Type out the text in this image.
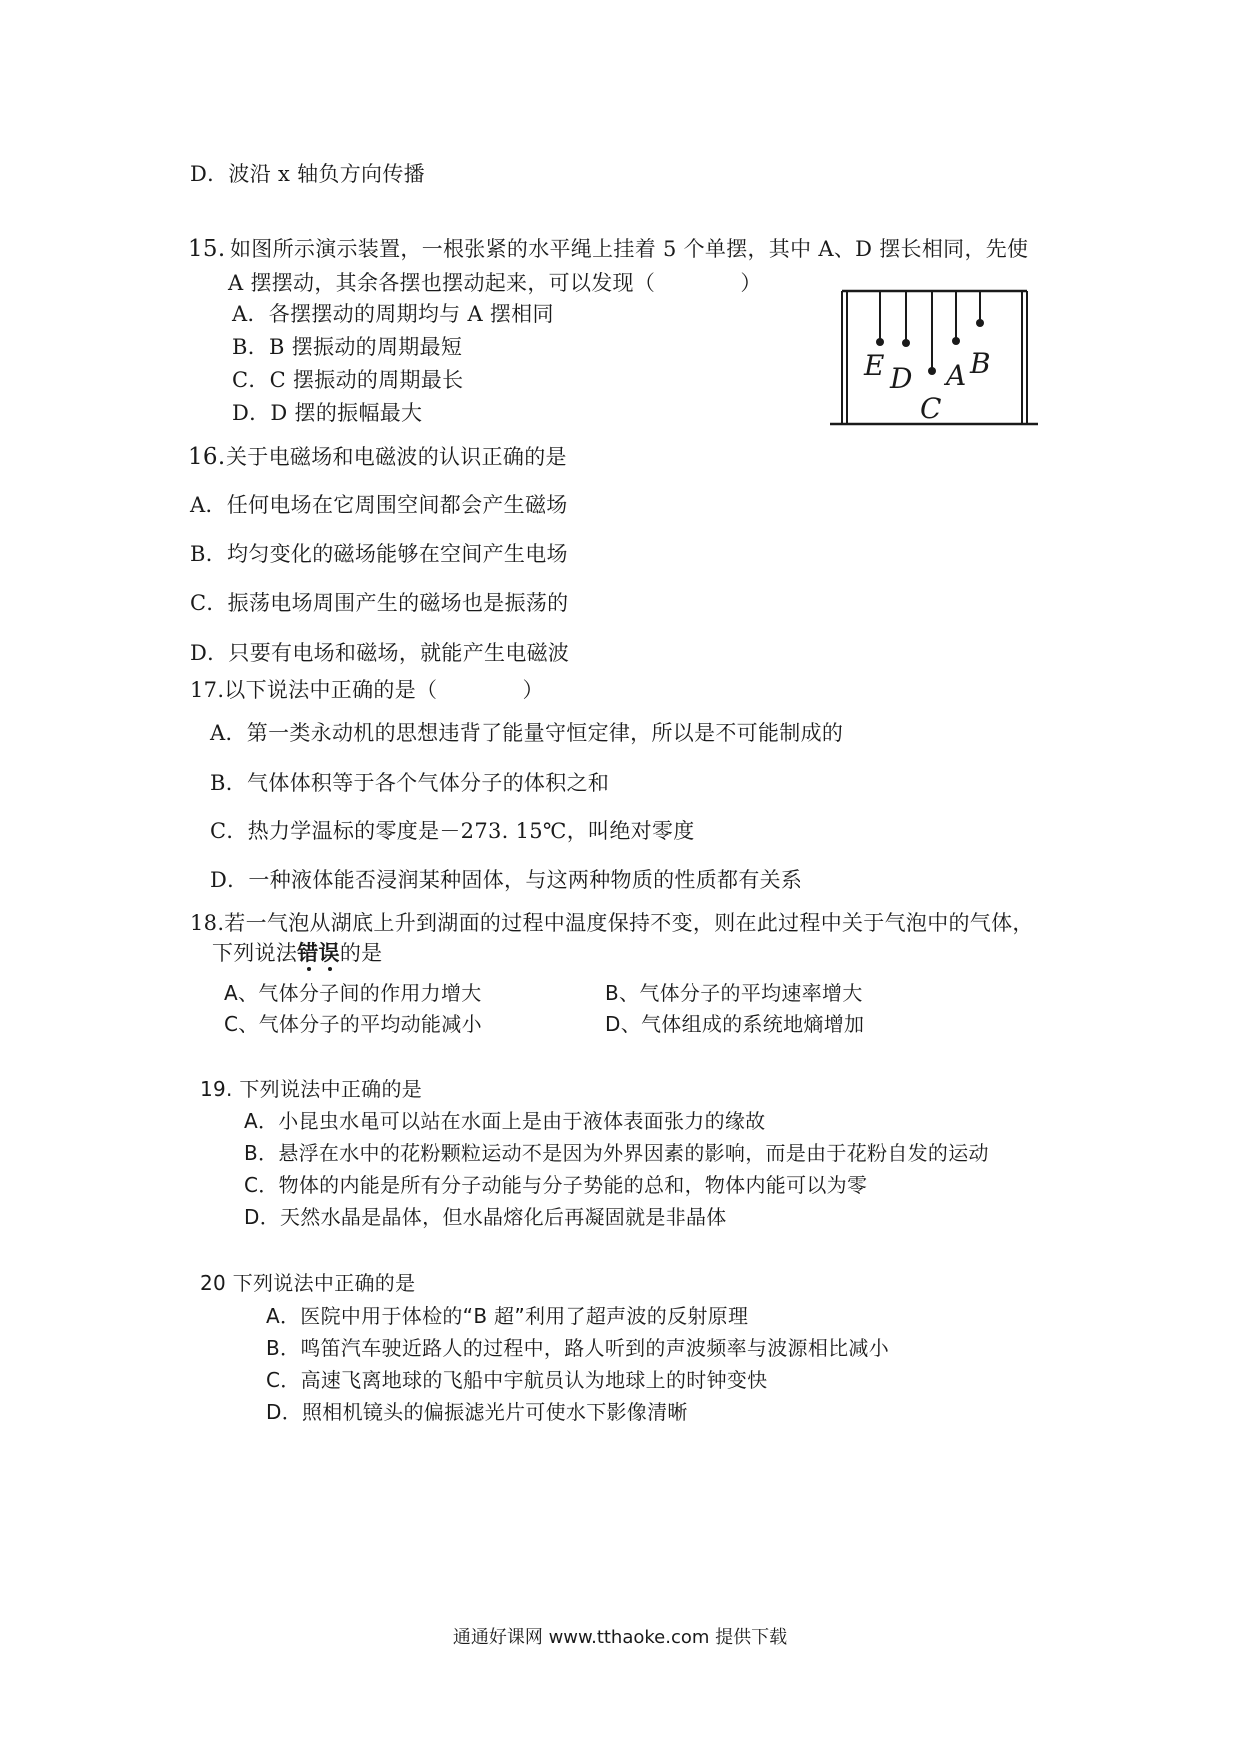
D．波沿 x 轴负方向传播
15. 如图所示演示装置，一根张紧的水平绳上挂着 5 个单摆，其中 A、D 摆长相同，先使
A 摆摆动，其余各摆也摆动起来，可以发现（　　　　）
A．各摆摆动的周期均与 A 摆相同
B．B 摆振动的周期最短
C．C 摆振动的周期最长
D．D 摆的振幅最大
E D
C
A B
16. 关于电磁场和电磁波的认识正确的是
A．任何电场在它周围空间都会产生磁场
B．均匀变化的磁场能够在空间产生电场
C．振荡电场周围产生的磁场也是振荡的
D．只要有电场和磁场，就能产生电磁波
17.以下说法中正确的是（　　　　）
A．第一类永动机的思想违背了能量守恒定律，所以是不可能制成的
B．气体体积等于各个气体分子的体积之和
C．热力学温标的零度是－273. 15℃，叫绝对零度
D．一种液体能否浸润某种固体，与这两种物质的性质都有关系
18.若一气泡从湖底上升到湖面的过程中温度保持不变，则在此过程中关于气泡中的气体，
下列说法错误的是
A、气体分子间的作用力增大	B、气体分子的平均速率增大
C、气体分子的平均动能减小	D、气体组成的系统地熵增加
19. 下列说法中正确的是
A．小昆虫水黾可以站在水面上是由于液体表面张力的缘故
B．悬浮在水中的花粉颗粒运动不是因为外界因素的影响，而是由于花粉自发的运动
C．物体的内能是所有分子动能与分子势能的总和，物体内能可以为零
D．天然水晶是晶体，但水晶熔化后再凝固就是非晶体
20 下列说法中正确的是
A．医院中用于体检的“B 超”利用了超声波的反射原理
B．鸣笛汽车驶近路人的过程中，路人听到的声波频率与波源相比减小
C．高速飞离地球的飞船中宇航员认为地球上的时钟变快
D．照相机镜头的偏振滤光片可使水下影像清晰
通通好课网 www.tthaoke.com 提供下载
